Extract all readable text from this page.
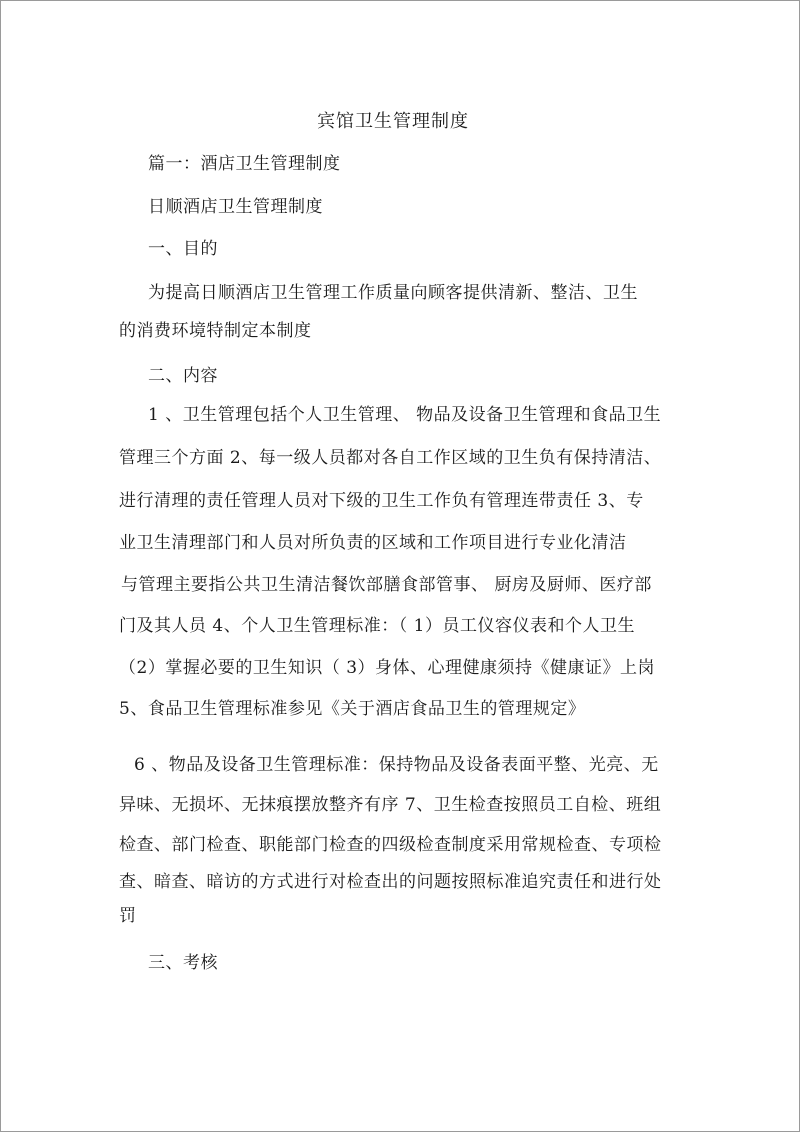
宾馆卫生管理制度
篇一：酒店卫生管理制度
日顺酒店卫生管理制度
一、目的
为提高日顺酒店卫生管理工作质量向顾客提供清新、整洁、卫生
的消费环境特制定本制度
二、内容
1 、卫生管理包括个人卫生管理、 物品及设备卫生管理和食品卫生
管理三个方面 2、每一级人员都对各自工作区域的卫生负有保持清洁、
进行清理的责任管理人员对下级的卫生工作负有管理连带责任 3、专
业卫生清理部门和人员对所负责的区域和工作项目进行专业化清洁
与管理主要指公共卫生清洁餐饮部膳食部管事、 厨房及厨师、医疗部
门及其人员 4、个人卫生管理标准：（ 1）员工仪容仪表和个人卫生
（2）掌握必要的卫生知识（ 3）身体、心理健康须持《健康证》上岗
5、食品卫生管理标准参见《关于酒店食品卫生的管理规定》
6 、物品及设备卫生管理标准：保持物品及设备表面平整、光亮、无
异味、无损坏、无抹痕摆放整齐有序 7、卫生检查按照员工自检、班组
检查、部门检查、职能部门检查的四级检查制度采用常规检查、专项检
查、暗查、暗访的方式进行对检查出的问题按照标准追究责任和进行处
罚
三、考核
